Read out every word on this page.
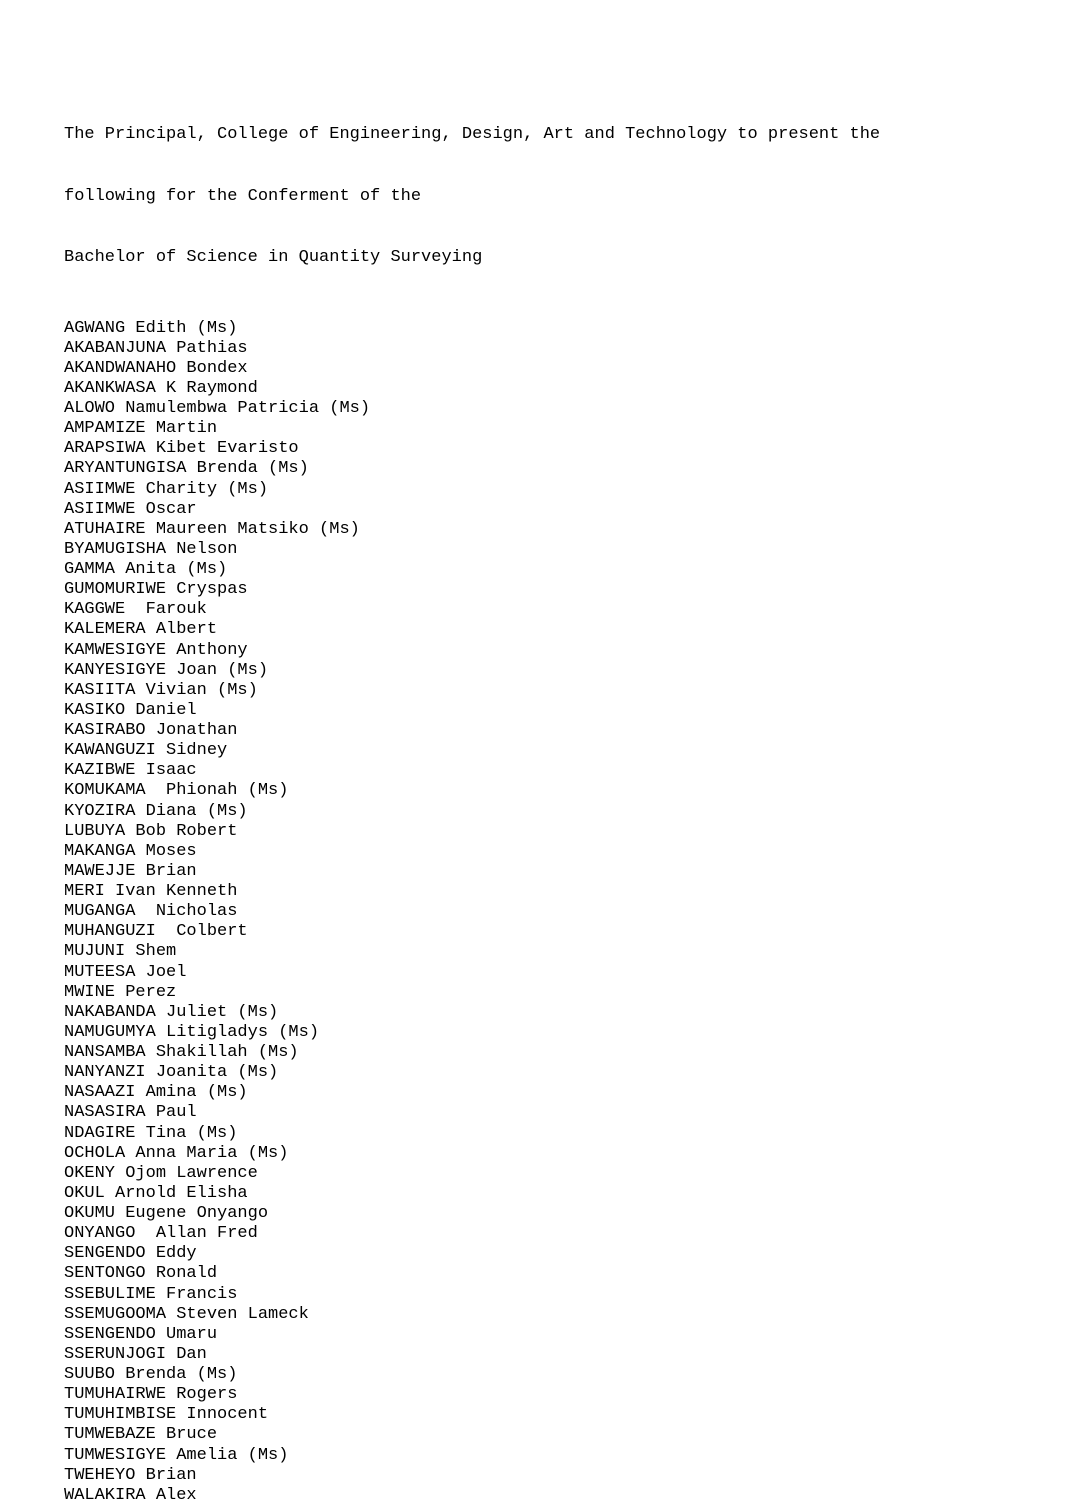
The Principal, College of Engineering, Design, Art and Technology to present the

following for the Conferment of the

Bachelor of Science in Quantity Surveying

AGWANG Edith (Ms)
AKABANJUNA Pathias
AKANDWANAHO Bondex
AKANKWASA K Raymond
ALOWO Namulembwa Patricia (Ms)
AMPAMIZE Martin
ARAPSIWA Kibet Evaristo
ARYANTUNGISA Brenda (Ms)
ASIIMWE Charity (Ms)
ASIIMWE Oscar
ATUHAIRE Maureen Matsiko (Ms)
BYAMUGISHA Nelson
GAMMA Anita (Ms)
GUMOMURIWE Cryspas
KAGGWE  Farouk
KALEMERA Albert
KAMWESIGYE Anthony
KANYESIGYE Joan (Ms)
KASIITA Vivian (Ms)
KASIKO Daniel
KASIRABO Jonathan
KAWANGUZI Sidney
KAZIBWE Isaac
KOMUKAMA  Phionah (Ms)
KYOZIRA Diana (Ms)
LUBUYA Bob Robert
MAKANGA Moses
MAWEJJE Brian
MERI Ivan Kenneth
MUGANGA  Nicholas
MUHANGUZI  Colbert
MUJUNI Shem
MUTEESA Joel
MWINE Perez
NAKABANDA Juliet (Ms)
NAMUGUMYA Litigladys (Ms)
NANSAMBA Shakillah (Ms)
NANYANZI Joanita (Ms)
NASAAZI Amina (Ms)
NASASIRA Paul
NDAGIRE Tina (Ms)
OCHOLA Anna Maria (Ms)
OKENY Ojom Lawrence
OKUL Arnold Elisha
OKUMU Eugene Onyango
ONYANGO  Allan Fred
SENGENDO Eddy
SENTONGO Ronald
SSEBULIME Francis
SSEMUGOOMA Steven Lameck
SSENGENDO Umaru
SSERUNJOGI Dan
SUUBO Brenda (Ms)
TUMUHAIRWE Rogers
TUMUHIMBISE Innocent
TUMWEBAZE Bruce
TUMWESIGYE Amelia (Ms)
TWEHEYO Brian
WALAKIRA Alex
